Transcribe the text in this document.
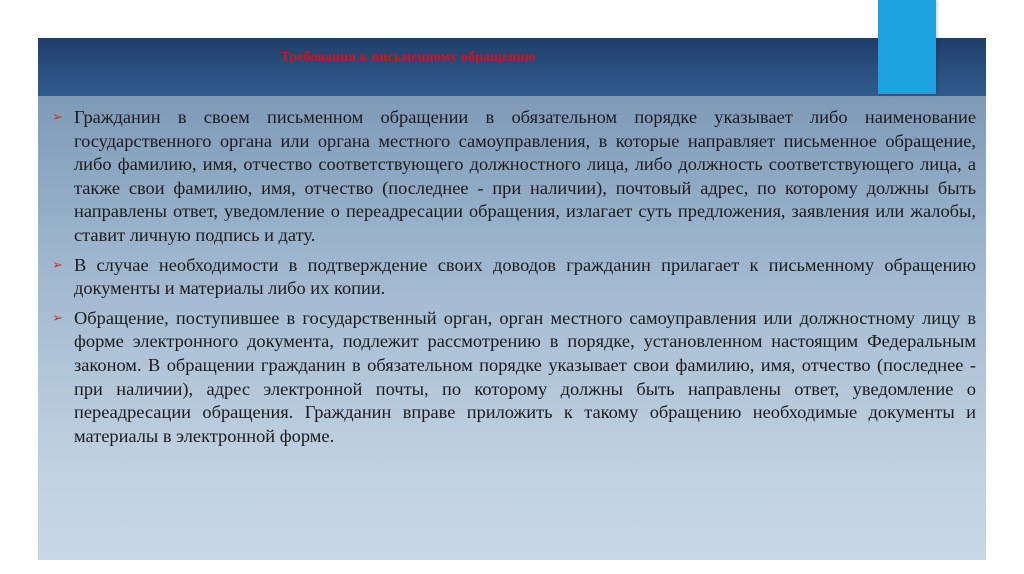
Требования к письменному обращению
➢ Гражданин в своем письменном обращении в обязательном порядке указывает либо наименование государственного органа или органа местного самоуправления, в которые направляет письменное обращение, либо фамилию, имя, отчество соответствующего должностного лица, либо должность соответствующего лица, а также свои фамилию, имя, отчество (последнее - при наличии), почтовый адрес, по которому должны быть направлены ответ, уведомление о переадресации обращения, излагает суть предложения, заявления или жалобы, ставит личную подпись и дату.

➢ В случае необходимости в подтверждение своих доводов гражданин прилагает к письменному обращению документы и материалы либо их копии.

➢ Обращение, поступившее в государственный орган, орган местного самоуправления или должностному лицу в форме электронного документа, подлежит рассмотрению в порядке, установленном настоящим Федеральным законом. В обращении гражданин в обязательном порядке указывает свои фамилию, имя, отчество (последнее - при наличии), адрес электронной почты, по которому должны быть направлены ответ, уведомление о переадресации обращения. Гражданин вправе приложить к такому обращению необходимые документы и материалы в электронной форме.
